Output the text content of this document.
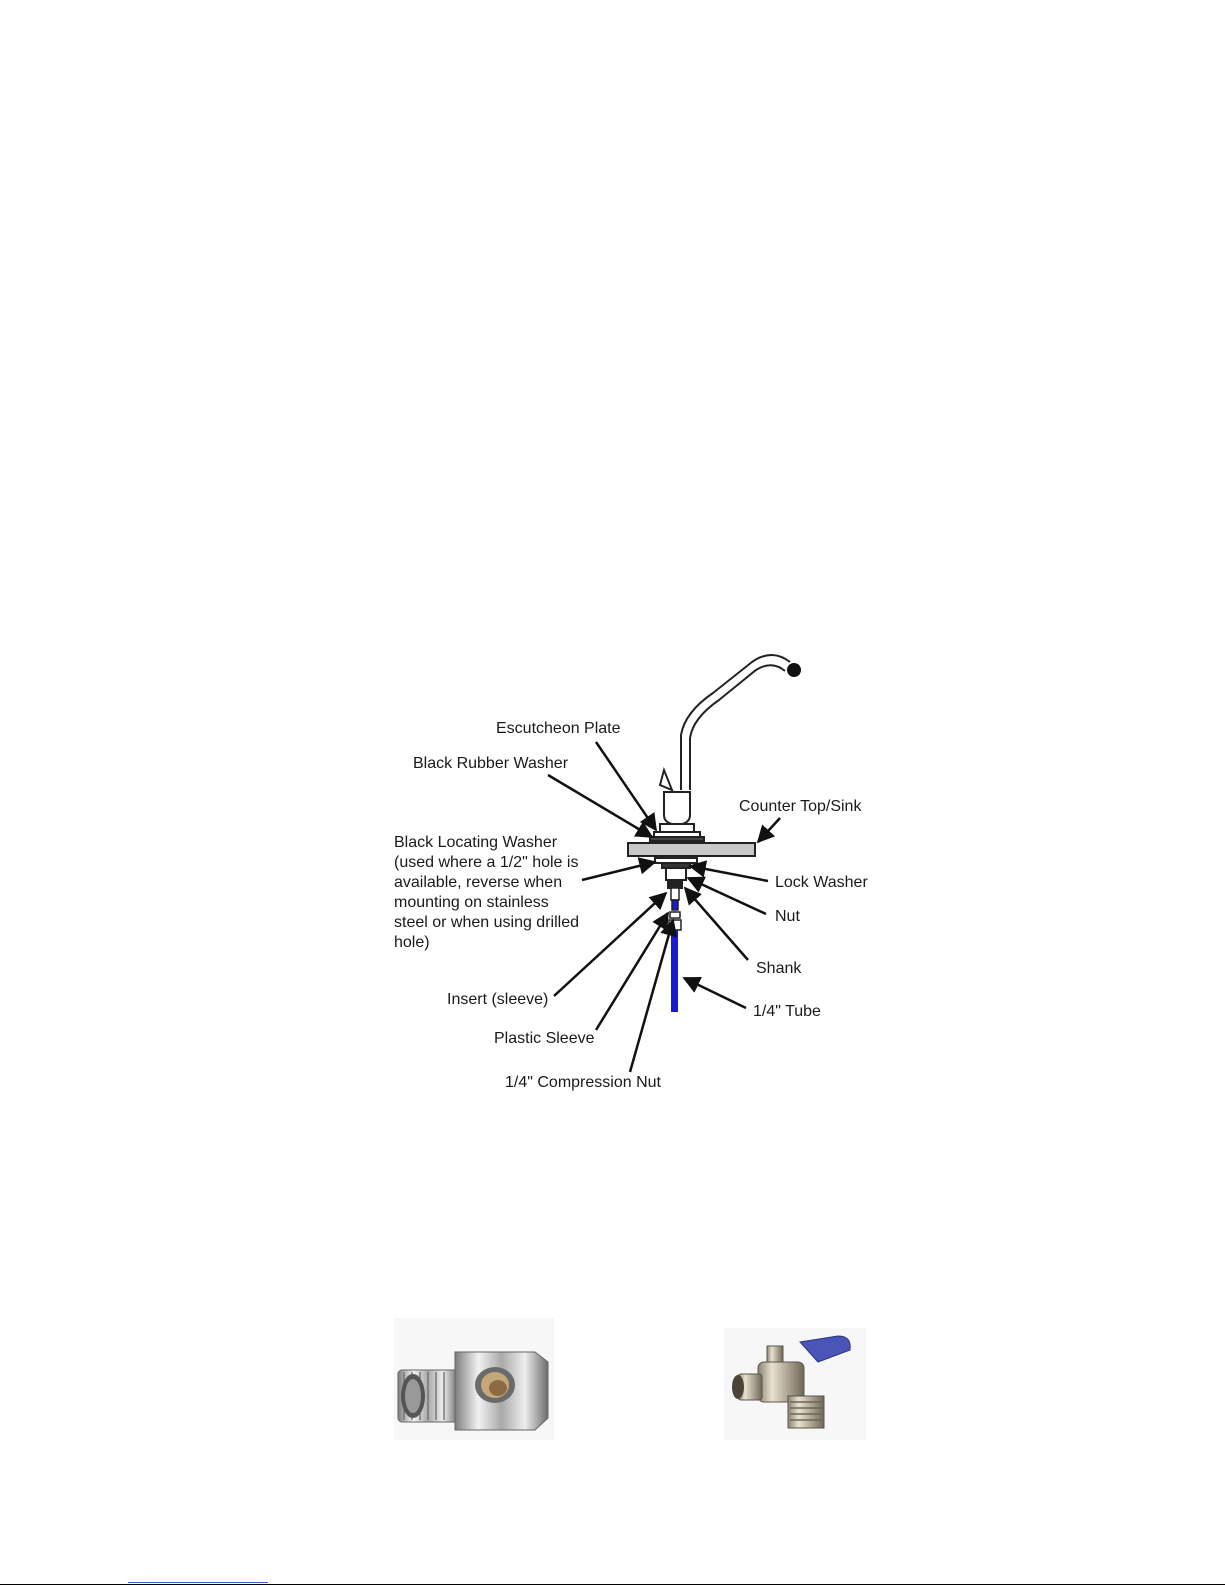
Escutcheon Plate
Black Rubber Washer
Counter Top/Sink
Black Locating Washer (used where a 1/2" hole is available, reverse when mounting on stainless steel or when using drilled hole)
Lock Washer
Nut
Shank
Insert (sleeve)
1/4" Tube
Plastic Sleeve
1/4" Compression Nut
